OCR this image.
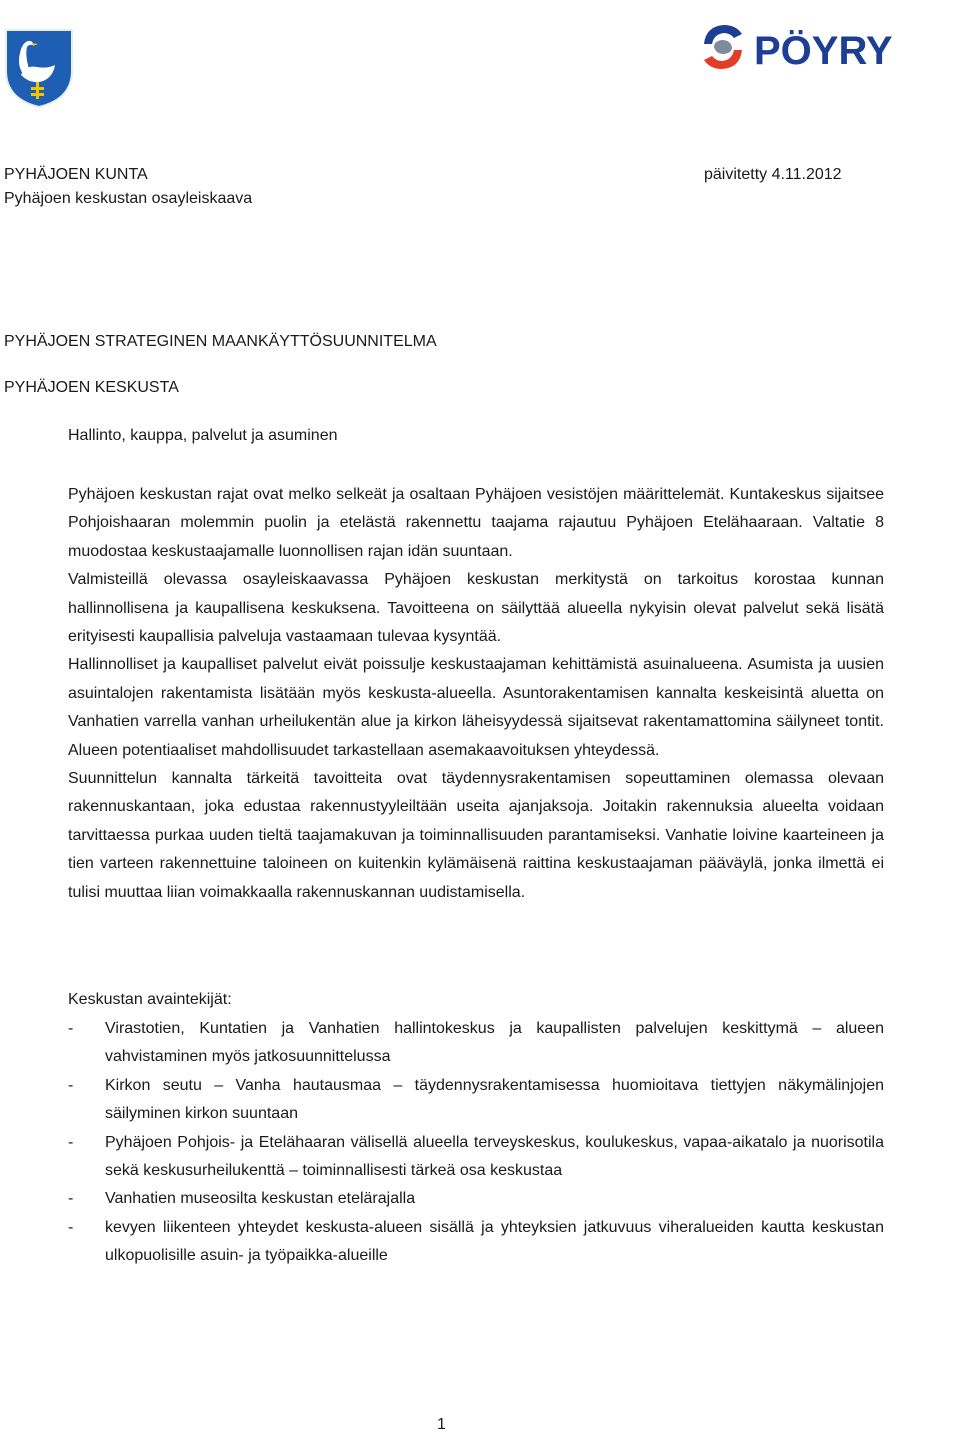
PÖYRY
PYHÄJOEN KUNTA
Pyhäjoen keskustan osayleiskaava
päivitetty 4.11.2012
PYHÄJOEN STRATEGINEN MAANKÄYTTÖSUUNNITELMA
PYHÄJOEN KESKUSTA
Hallinto, kauppa, palvelut ja asuminen

Pyhäjoen keskustan rajat ovat melko selkeät ja osaltaan Pyhäjoen vesistöjen määrittelemät. Kuntakeskus sijaitsee Pohjoishaaran molemmin puolin ja etelästä rakennettu taajama rajautuu Pyhäjoen Etelähaaraan. Valtatie 8 muodostaa keskustaajamalle luonnollisen rajan idän suuntaan.

Valmisteillä olevassa osayleiskaavassa Pyhäjoen keskustan merkitystä on tarkoitus korostaa kunnan hallinnollisena ja kaupallisena keskuksena. Tavoitteena on säilyttää alueella nykyisin olevat palvelut sekä lisätä erityisesti kaupallisia palveluja vastaamaan tulevaa kysyntää.

Hallinnolliset ja kaupalliset palvelut eivät poissulje keskustaajaman kehittämistä asuinalueena. Asumista ja uusien asuintalojen rakentamista lisätään myös keskusta-alueella. Asuntorakentamisen kannalta keskeisintä aluetta on Vanhatien varrella vanhan urheilukentän alue ja kirkon läheisyydessä sijaitsevat rakentamattomina säilyneet tontit. Alueen potentiaaliset mahdollisuudet tarkastellaan asemakaavoituksen yhteydessä.

Suunnittelun kannalta tärkeitä tavoitteita ovat täydennysrakentamisen sopeuttaminen olemassa olevaan rakennuskantaan, joka edustaa rakennustyyleiltään useita ajanjaksoja. Joitakin rakennuksia alueelta voidaan tarvittaessa purkaa uuden tieltä taajamakuvan ja toiminnallisuuden parantamiseksi. Vanhatie loivine kaarteineen ja tien varteen rakennettuine taloineen on kuitenkin kylämäisenä raittina keskustaajaman pääväylä, jonka ilmettä ei tulisi muuttaa liian voimakkaalla rakennuskannan uudistamisella.

Keskustan avaintekijät:
- Virastotien, Kuntatien ja Vanhatien hallintokeskus ja kaupallisten palvelujen keskittymä – alueen vahvistaminen myös jatkosuunnittelussa
- Kirkon seutu – Vanha hautausmaa – täydennysrakentamisessa huomioitava tiettyjen näkymälinjojen säilyminen kirkon suuntaan
- Pyhäjoen Pohjois- ja Etelähaaran välisellä alueella terveyskeskus, koulukeskus, vapaa-aikatalo ja nuorisotila sekä keskusurheilukenttä – toiminnallisesti tärkeä osa keskustaa
- Vanhatien museosilta keskustan etelärajalla
- kevyen liikenteen yhteydet keskusta-alueen sisällä ja yhteyksien jatkuvuus viheralueiden kautta keskustan ulkopuolisille asuin- ja työpaikka-alueille
1
